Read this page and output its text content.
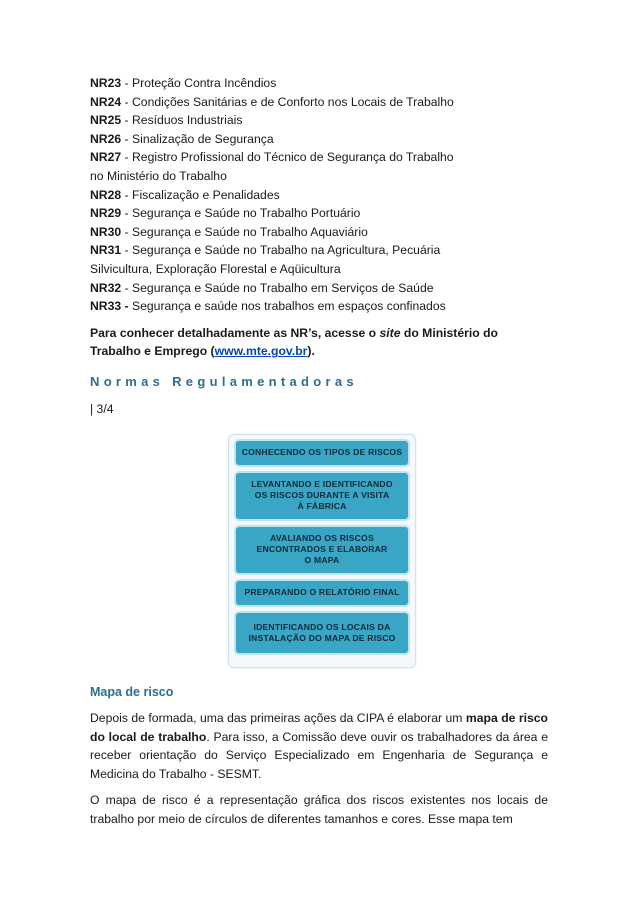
NR23 - Proteção Contra Incêndios
NR24 - Condições Sanitárias e de Conforto nos Locais de Trabalho
NR25 - Resíduos Industriais
NR26 - Sinalização de Segurança
NR27 - Registro Profissional do Técnico de Segurança do Trabalho
no Ministério do Trabalho
NR28 - Fiscalização e Penalidades
NR29 - Segurança e Saúde no Trabalho Portuário
NR30 - Segurança e Saúde no Trabalho Aquaviário
NR31 - Segurança e Saúde no Trabalho na Agricultura, Pecuária
Silvicultura, Exploração Florestal e Aqüicultura
NR32 - Segurança e Saúde no Trabalho em Serviços de Saúde
NR33 - Segurança e saúde nos trabalhos em espaços confinados
Para conhecer detalhadamente as NR’s, acesse o site do Ministério do Trabalho e Emprego (www.mte.gov.br).
Normas Regulamentadoras
| 3/4
CONHECENDO OS TIPOS DE RISCOS
LEVANTANDO E IDENTIFICANDO
OS RISCOS DURANTE A VISITA
À FÁBRICA
AVALIANDO OS RISCOS
ENCONTRADOS E ELABORAR
O MAPA
PREPARANDO O RELATÓRIO FINAL
IDENTIFICANDO OS LOCAIS DA
INSTALAÇÃO DO MAPA DE RISCO
Mapa de risco
Depois de formada, uma das primeiras ações da CIPA é elaborar um mapa de risco do local de trabalho. Para isso, a Comissão deve ouvir os trabalhadores da área e receber orientação do Serviço Especializado em Engenharia de Segurança e Medicina do Trabalho - SESMT.
O mapa de risco é a representação gráfica dos riscos existentes nos locais de trabalho por meio de círculos de diferentes tamanhos e cores. Esse mapa tem
